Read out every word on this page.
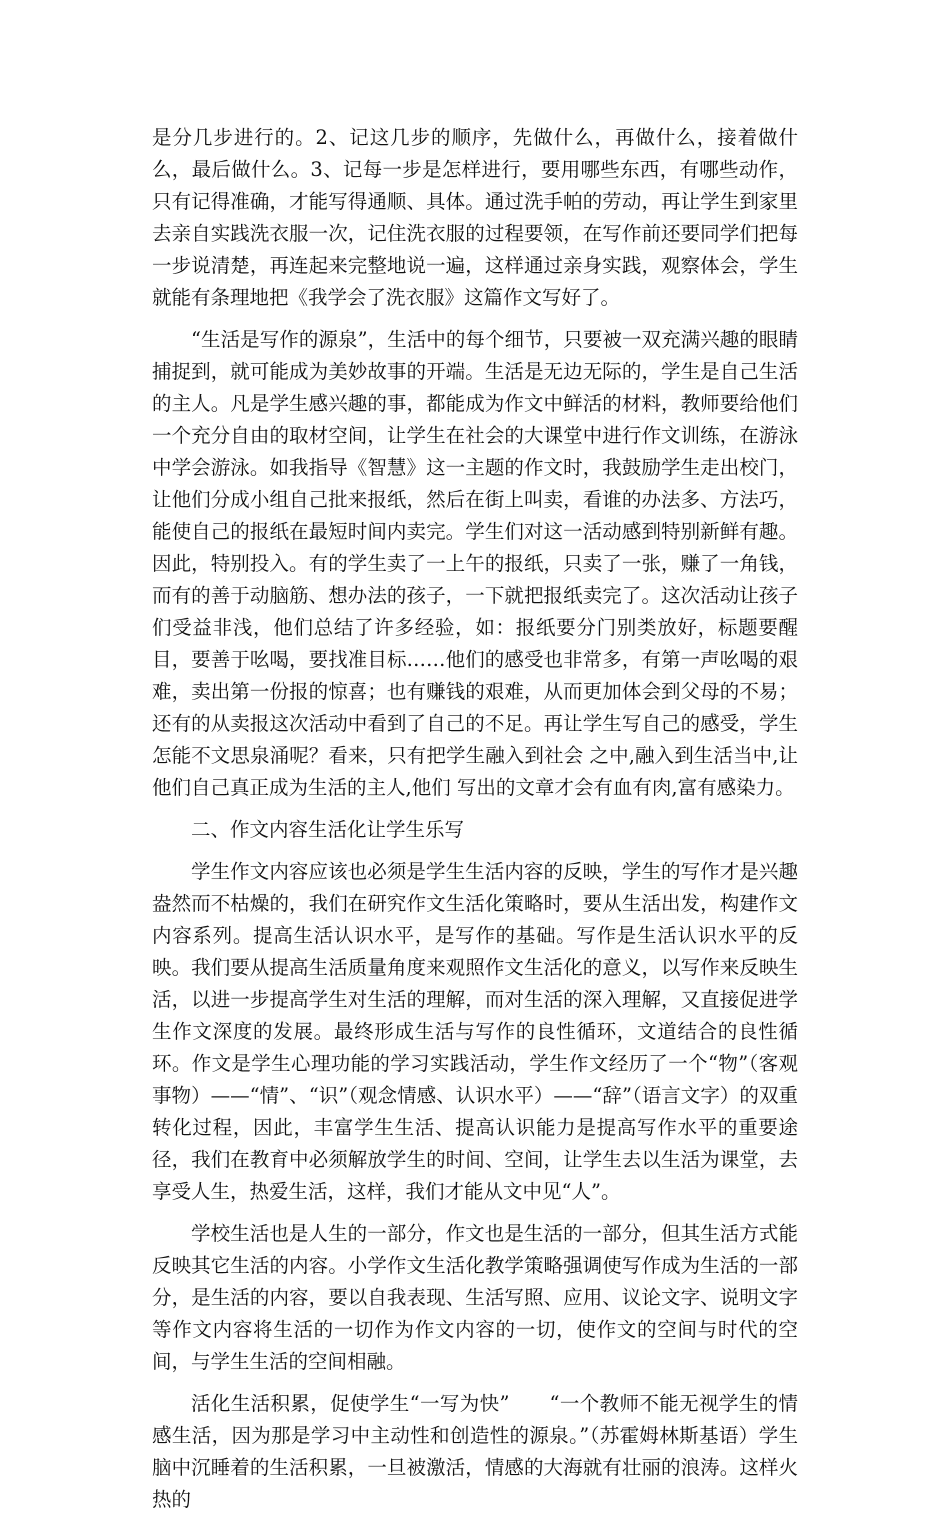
是分几步进行的。2、记这几步的顺序，先做什么，再做什么，接着做什么，最后做什么。3、记每一步是怎样进行，要用哪些东西，有哪些动作，只有记得准确，才能写得通顺、具体。通过洗手帕的劳动，再让学生到家里去亲自实践洗衣服一次，记住洗衣服的过程要领，在写作前还要同学们把每一步说清楚，再连起来完整地说一遍，这样通过亲身实践，观察体会，学生就能有条理地把《我学会了洗衣服》这篇作文写好了。

“生活是写作的源泉”，生活中的每个细节，只要被一双充满兴趣的眼睛捕捉到，就可能成为美妙故事的开端。生活是无边无际的，学生是自己生活的主人。凡是学生感兴趣的事，都能成为作文中鲜活的材料，教师要给他们一个充分自由的取材空间，让学生在社会的大课堂中进行作文训练，在游泳中学会游泳。如我指导《智慧》这一主题的作文时，我鼓励学生走出校门，让他们分成小组自己批来报纸，然后在街上叫卖，看谁的办法多、方法巧，能使自己的报纸在最短时间内卖完。学生们对这一活动感到特别新鲜有趣。因此，特别投入。有的学生卖了一上午的报纸，只卖了一张，赚了一角钱，而有的善于动脑筋、想办法的孩子，一下就把报纸卖完了。这次活动让孩子们受益非浅，他们总结了许多经验，如：报纸要分门别类放好，标题要醒目，要善于吆喝，要找准目标……他们的感受也非常多，有第一声吆喝的艰难，卖出第一份报的惊喜；也有赚钱的艰难，从而更加体会到父母的不易；还有的从卖报这次活动中看到了自己的不足。再让学生写自己的感受，学生怎能不文思泉涌呢？看来，只有把学生融入到社会 之中,融入到生活当中,让他们自己真正成为生活的主人,他们 写出的文章才会有血有肉,富有感染力。

二、作文内容生活化让学生乐写

学生作文内容应该也必须是学生生活内容的反映，学生的写作才是兴趣盎然而不枯燥的，我们在研究作文生活化策略时，要从生活出发，构建作文内容系列。提高生活认识水平，是写作的基础。写作是生活认识水平的反映。我们要从提高生活质量角度来观照作文生活化的意义，以写作来反映生活，以进一步提高学生对生活的理解，而对生活的深入理解，又直接促进学生作文深度的发展。最终形成生活与写作的良性循环，文道结合的良性循环。作文是学生心理功能的学习实践活动，学生作文经历了一个“物”（客观事物）——“情”、“识”（观念情感、认识水平）——“辞”（语言文字）的双重转化过程，因此，丰富学生生活、提高认识能力是提高写作水平的重要途径，我们在教育中必须解放学生的时间、空间，让学生去以生活为课堂，去享受人生，热爱生活，这样，我们才能从文中见“人”。

学校生活也是人生的一部分，作文也是生活的一部分，但其生活方式能反映其它生活的内容。小学作文生活化教学策略强调使写作成为生活的一部分，是生活的内容，要以自我表现、生活写照、应用、议论文字、说明文字等作文内容将生活的一切作为作文内容的一切，使作文的空间与时代的空间，与学生生活的空间相融。

活化生活积累，促使学生“一写为快”　　“一个教师不能无视学生的情感生活，因为那是学习中主动性和创造性的源泉。”（苏霍姆林斯基语）学生脑中沉睡着的生活积累，一旦被激活，情感的大海就有壮丽的浪涛。这样火热的
